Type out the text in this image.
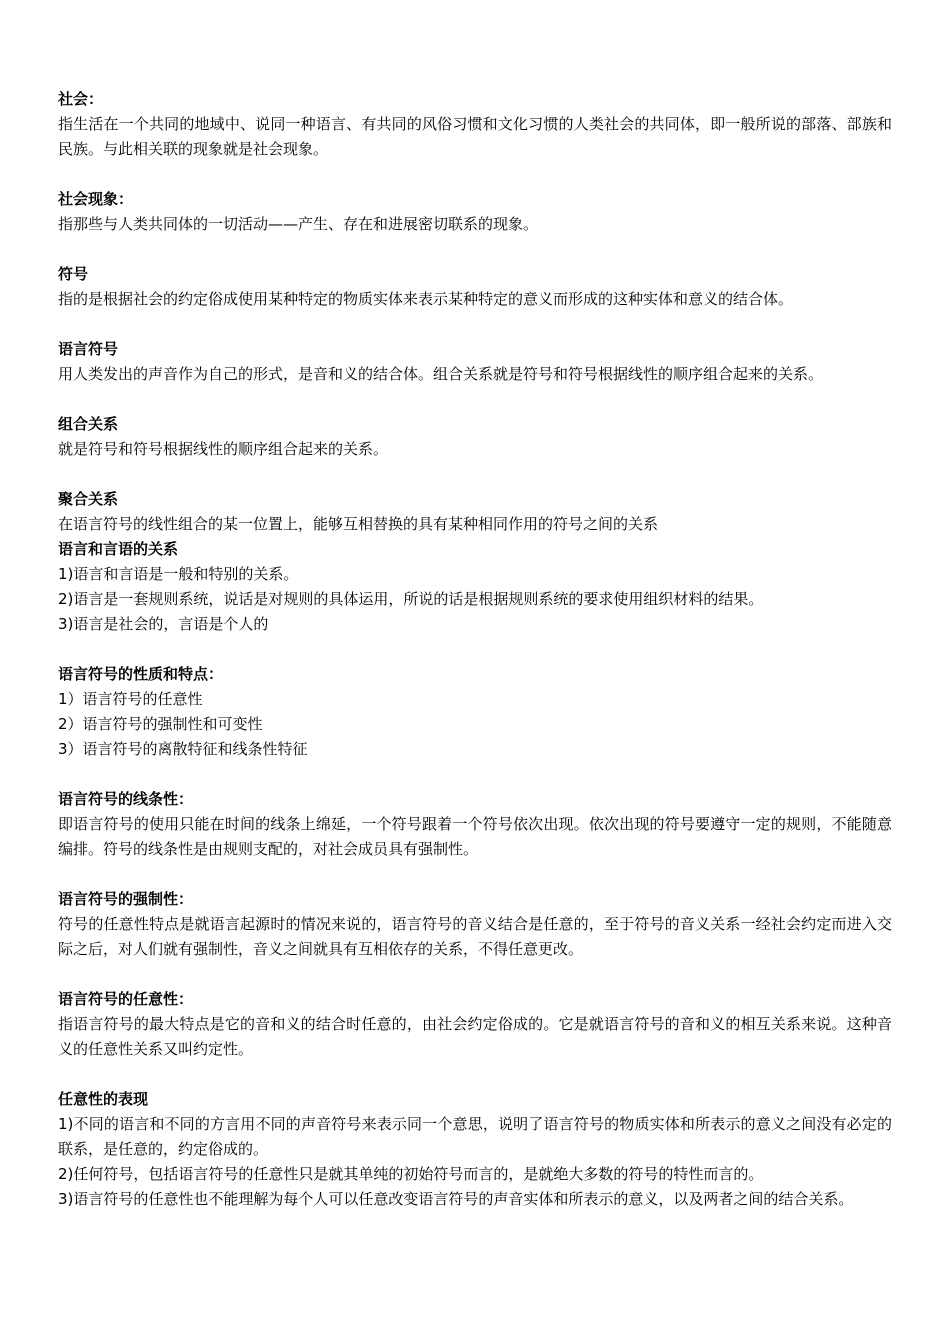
社会：

指生活在一个共同的地域中、说同一种语言、有共同的风俗习惯和文化习惯的人类社会的共同体，即一般所说的部落、部族和民族。与此相关联的现象就是社会现象。

社会现象：

指那些与人类共同体的一切活动——产生、存在和进展密切联系的现象。

符号

指的是根据社会的约定俗成使用某种特定的物质实体来表示某种特定的意义而形成的这种实体和意义的结合体。

语言符号

用人类发出的声音作为自己的形式，是音和义的结合体。组合关系就是符号和符号根据线性的顺序组合起来的关系。

组合关系

就是符号和符号根据线性的顺序组合起来的关系。

聚合关系

在语言符号的线性组合的某一位置上，能够互相替换的具有某种相同作用的符号之间的关系

语言和言语的关系

1)语言和言语是一般和特别的关系。

2)语言是一套规则系统，说话是对规则的具体运用，所说的话是根据规则系统的要求使用组织材料的结果。

3)语言是社会的，言语是个人的

语言符号的性质和特点：

1）语言符号的任意性

2）语言符号的强制性和可变性

3）语言符号的离散特征和线条性特征

语言符号的线条性：

即语言符号的使用只能在时间的线条上绵延，一个符号跟着一个符号依次出现。依次出现的符号要遵守一定的规则，不能随意编排。符号的线条性是由规则支配的，对社会成员具有强制性。

语言符号的强制性：

符号的任意性特点是就语言起源时的情况来说的，语言符号的音义结合是任意的，至于符号的音义关系一经社会约定而进入交际之后，对人们就有强制性，音义之间就具有互相依存的关系，不得任意更改。

语言符号的任意性：

指语言符号的最大特点是它的音和义的结合时任意的，由社会约定俗成的。它是就语言符号的音和义的相互关系来说。这种音义的任意性关系又叫约定性。

任意性的表现

1)不同的语言和不同的方言用不同的声音符号来表示同一个意思，说明了语言符号的物质实体和所表示的意义之间没有必定的联系，是任意的，约定俗成的。

2)任何符号，包括语言符号的任意性只是就其单纯的初始符号而言的，是就绝大多数的符号的特性而言的。

3)语言符号的任意性也不能理解为每个人可以任意改变语言符号的声音实体和所表示的意义，以及两者之间的结合关系。
